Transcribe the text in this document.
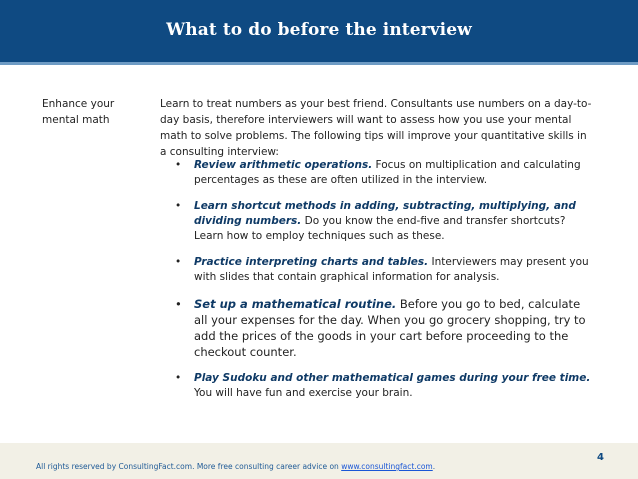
What to do before the interview
Enhance your
mental math
Learn to treat numbers as your best friend. Consultants use numbers on a day-to-day basis, therefore interviewers will want to assess how you use your mental math to solve problems. The following tips will improve your quantitative skills in a consulting interview:
• Review arithmetic operations. Focus on multiplication and calculating percentages as these are often utilized in the interview.
• Learn shortcut methods in adding, subtracting, multiplying, and dividing numbers. Do you know the end-five and transfer shortcuts? Learn how to employ techniques such as these.
• Practice interpreting charts and tables. Interviewers may present you with slides that contain graphical information for analysis.
• Set up a mathematical routine. Before you go to bed, calculate all your expenses for the day. When you go grocery shopping, try to add the prices of the goods in your cart before proceeding to the checkout counter.
• Play Sudoku and other mathematical games during your free time. You will have fun and exercise your brain.
4
All rights reserved by ConsultingFact.com. More free consulting career advice on www.consultingfact.com.
